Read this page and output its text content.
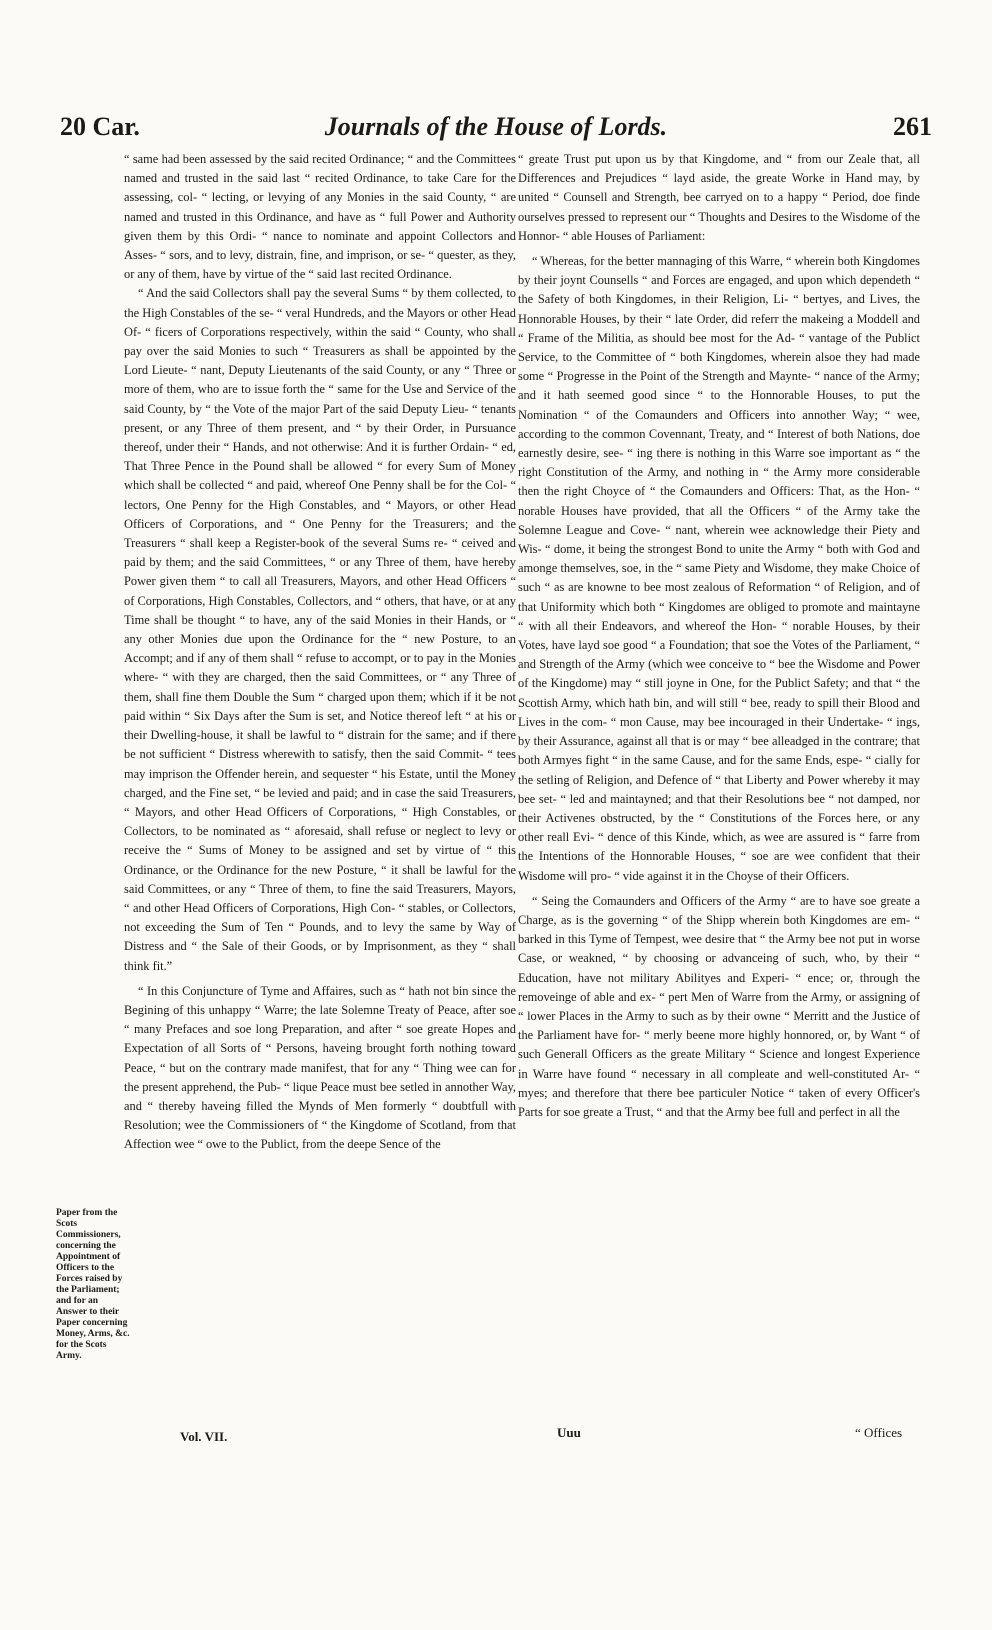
20 Car.	Journals of the House of Lords.	261
Paper from the Scots Commissioners, concerning the Appointment of Officers to the Forces raised by the Parliament; and for an Answer to their Paper concerning Money, Arms, &c. for the Scots Army.

“ same had been assessed by the said recited Ordinance; “ and the Committees named and trusted in the said last “ recited Ordinance, to take Care for the assessing, col- “ lecting, or levying of any Monies in the said County, “ are named and trusted in this Ordinance, and have as “ full Power and Authority given them by this Ordi- “ nance to nominate and appoint Collectors and Asses- “ sors, and to levy, distrain, fine, and imprison, or se- “ quester, as they, or any of them, have by virtue of the “ said last recited Ordinance.

“ And the said Collectors shall pay the several Sums “ by them collected, to the High Constables of the se- “ veral Hundreds, and the Mayors or other Head Of- “ ficers of Corporations respectively, within the said “ County, who shall pay over the said Monies to such “ Treasurers as shall be appointed by the Lord Lieute- “ nant, Deputy Lieutenants of the said County, or any “ Three or more of them, who are to issue forth the “ same for the Use and Service of the said County, by “ the Vote of the major Part of the said Deputy Lieu- “ tenants present, or any Three of them present, and “ by their Order, in Pursuance thereof, under their “ Hands, and not otherwise: And it is further Ordain- “ ed, That Three Pence in the Pound shall be allowed “ for every Sum of Money which shall be collected “ and paid, whereof One Penny shall be for the Col- “ lectors, One Penny for the High Constables, and “ Mayors, or other Head Officers of Corporations, and “ One Penny for the Treasurers; and the Treasurers “ shall keep a Register-book of the several Sums re- “ ceived and paid by them; and the said Committees, “ or any Three of them, have hereby Power given them “ to call all Treasurers, Mayors, and other Head Officers “ of Corporations, High Constables, Collectors, and “ others, that have, or at any Time shall be thought “ to have, any of the said Monies in their Hands, or “ any other Monies due upon the Ordinance for the “ new Posture, to an Accompt; and if any of them shall “ refuse to accompt, or to pay in the Monies where- “ with they are charged, then the said Committees, or “ any Three of them, shall fine them Double the Sum “ charged upon them; which if it be not paid within “ Six Days after the Sum is set, and Notice thereof left “ at his or their Dwelling-house, it shall be lawful to “ distrain for the same; and if there be not sufficient “ Distress wherewith to satisfy, then the said Commit- “ tees may imprison the Offender herein, and sequester “ his Estate, until the Money charged, and the Fine set, “ be levied and paid; and in case the said Treasurers, “ Mayors, and other Head Officers of Corporations, “ High Constables, or Collectors, to be nominated as “ aforesaid, shall refuse or neglect to levy or receive the “ Sums of Money to be assigned and set by virtue of “ this Ordinance, or the Ordinance for the new Posture, “ it shall be lawful for the said Committees, or any “ Three of them, to fine the said Treasurers, Mayors, “ and other Head Officers of Corporations, High Con- “ stables, or Collectors, not exceeding the Sum of Ten “ Pounds, and to levy the same by Way of Distress and “ the Sale of their Goods, or by Imprisonment, as they “ shall think fit.”

“ In this Conjuncture of Tyme and Affaires, such as “ hath not bin since the Begining of this unhappy “ Warre; the late Solemne Treaty of Peace, after soe “ many Prefaces and soe long Preparation, and after “ soe greate Hopes and Expectation of all Sorts of “ Persons, haveing brought forth nothing toward Peace, “ but on the contrary made manifest, that for any “ Thing wee can for the present apprehend, the Pub- “ lique Peace must bee setled in annother Way, and “ thereby haveing filled the Mynds of Men formerly “ doubtfull with Resolution; wee the Commissioners of “ the Kingdome of Scotland, from that Affection wee “ owe to the Publict, from the deepe Sence of the

“ greate Trust put upon us by that Kingdome, and “ from our Zeale that, all Differences and Prejudices “ layd aside, the greate Worke in Hand may, by united “ Counsell and Strength, bee carryed on to a happy “ Period, doe finde ourselves pressed to represent our “ Thoughts and Desires to the Wisdome of the Honnor- “ able Houses of Parliament:

“ Whereas, for the better mannaging of this Warre, “ wherein both Kingdomes by their joynt Counsells “ and Forces are engaged, and upon which dependeth “ the Safety of both Kingdomes, in their Religion, Li- “ bertyes, and Lives, the Honnorable Houses, by their “ late Order, did referr the makeing a Moddell and “ Frame of the Militia, as should bee most for the Ad- “ vantage of the Publict Service, to the Committee of “ both Kingdomes, wherein alsoe they had made some “ Progresse in the Point of the Strength and Maynte- “ nance of the Army; and it hath seemed good since “ to the Honnorable Houses, to put the Nomination “ of the Comaunders and Officers into annother Way; “ wee, according to the common Covennant, Treaty, and “ Interest of both Nations, doe earnestly desire, see- “ ing there is nothing in this Warre soe important as “ the right Constitution of the Army, and nothing in “ the Army more considerable then the right Choyce of “ the Comaunders and Officers: That, as the Hon- “ norable Houses have provided, that all the Officers “ of the Army take the Solemne League and Cove- “ nant, wherein wee acknowledge their Piety and Wis- “ dome, it being the strongest Bond to unite the Army “ both with God and amonge themselves, soe, in the “ same Piety and Wisdome, they make Choice of such “ as are knowne to bee most zealous of Reformation “ of Religion, and of that Uniformity which both “ Kingdomes are obliged to promote and maintayne “ with all their Endeavors, and whereof the Hon- “ norable Houses, by their Votes, have layd soe good “ a Foundation; that soe the Votes of the Parliament, “ and Strength of the Army (which wee conceive to “ bee the Wisdome and Power of the Kingdome) may “ still joyne in One, for the Publict Safety; and that “ the Scottish Army, which hath bin, and will still “ bee, ready to spill their Blood and Lives in the com- “ mon Cause, may bee incouraged in their Undertake- “ ings, by their Assurance, against all that is or may “ bee alleadged in the contrare; that both Armyes fight “ in the same Cause, and for the same Ends, espe- “ cially for the setling of Religion, and Defence of “ that Liberty and Power whereby it may bee set- “ led and maintayned; and that their Resolutions bee “ not damped, nor their Activenes obstructed, by the “ Constitutions of the Forces here, or any other reall Evi- “ dence of this Kinde, which, as wee are assured is “ farre from the Intentions of the Honnorable Houses, “ soe are wee confident that their Wisdome will pro- “ vide against it in the Choyse of their Officers.

“ Seing the Comaunders and Officers of the Army “ are to have soe greate a Charge, as is the governing “ of the Shipp wherein both Kingdomes are em- “ barked in this Tyme of Tempest, wee desire that “ the Army bee not put in worse Case, or weakned, “ by choosing or advanceing of such, who, by their “ Education, have not military Abilityes and Experi- “ ence; or, through the removeinge of able and ex- “ pert Men of Warre from the Army, or assigning of “ lower Places in the Army to such as by their owne “ Merritt and the Justice of the Parliament have for- “ merly beene more highly honnored, or, by Want “ of such Generall Officers as the greate Military “ Science and longest Experience in Warre have found “ necessary in all compleate and well-constituted Ar- “ myes; and therefore that there bee particuler Notice “ taken of every Officer's Parts for soe greate a Trust, “ and that the Army bee full and perfect in all the

Vol. VII.	Uuu	“ Offices
